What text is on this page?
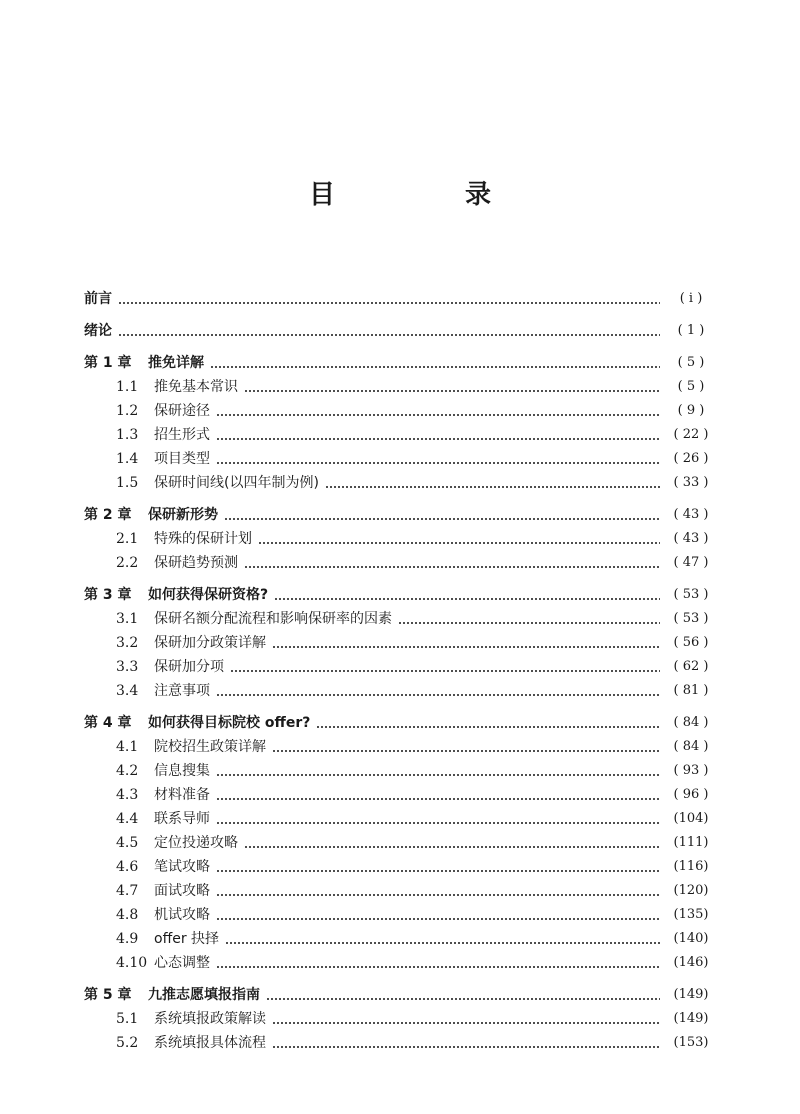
目　录
前言	( ⅰ )
绪论	( 1 )
第 1 章	推免详解	( 5 )
1.1	推免基本常识	( 5 )
1.2	保研途径	( 9 )
1.3	招生形式	( 22 )
1.4	项目类型	( 26 )
1.5	保研时间线(以四年制为例)	( 33 )
第 2 章	保研新形势	( 43 )
2.1	特殊的保研计划	( 43 )
2.2	保研趋势预测	( 47 )
第 3 章	如何获得保研资格?	( 53 )
3.1	保研名额分配流程和影响保研率的因素	( 53 )
3.2	保研加分政策详解	( 56 )
3.3	保研加分项	( 62 )
3.4	注意事项	( 81 )
第 4 章	如何获得目标院校 offer?	( 84 )
4.1	院校招生政策详解	( 84 )
4.2	信息搜集	( 93 )
4.3	材料准备	( 96 )
4.4	联系导师	(104)
4.5	定位投递攻略	(111)
4.6	笔试攻略	(116)
4.7	面试攻略	(120)
4.8	机试攻略	(135)
4.9	offer 抉择	(140)
4.10 心态调整	(146)
第 5 章	九推志愿填报指南	(149)
5.1	系统填报政策解读	(149)
5.2	系统填报具体流程	(153)
